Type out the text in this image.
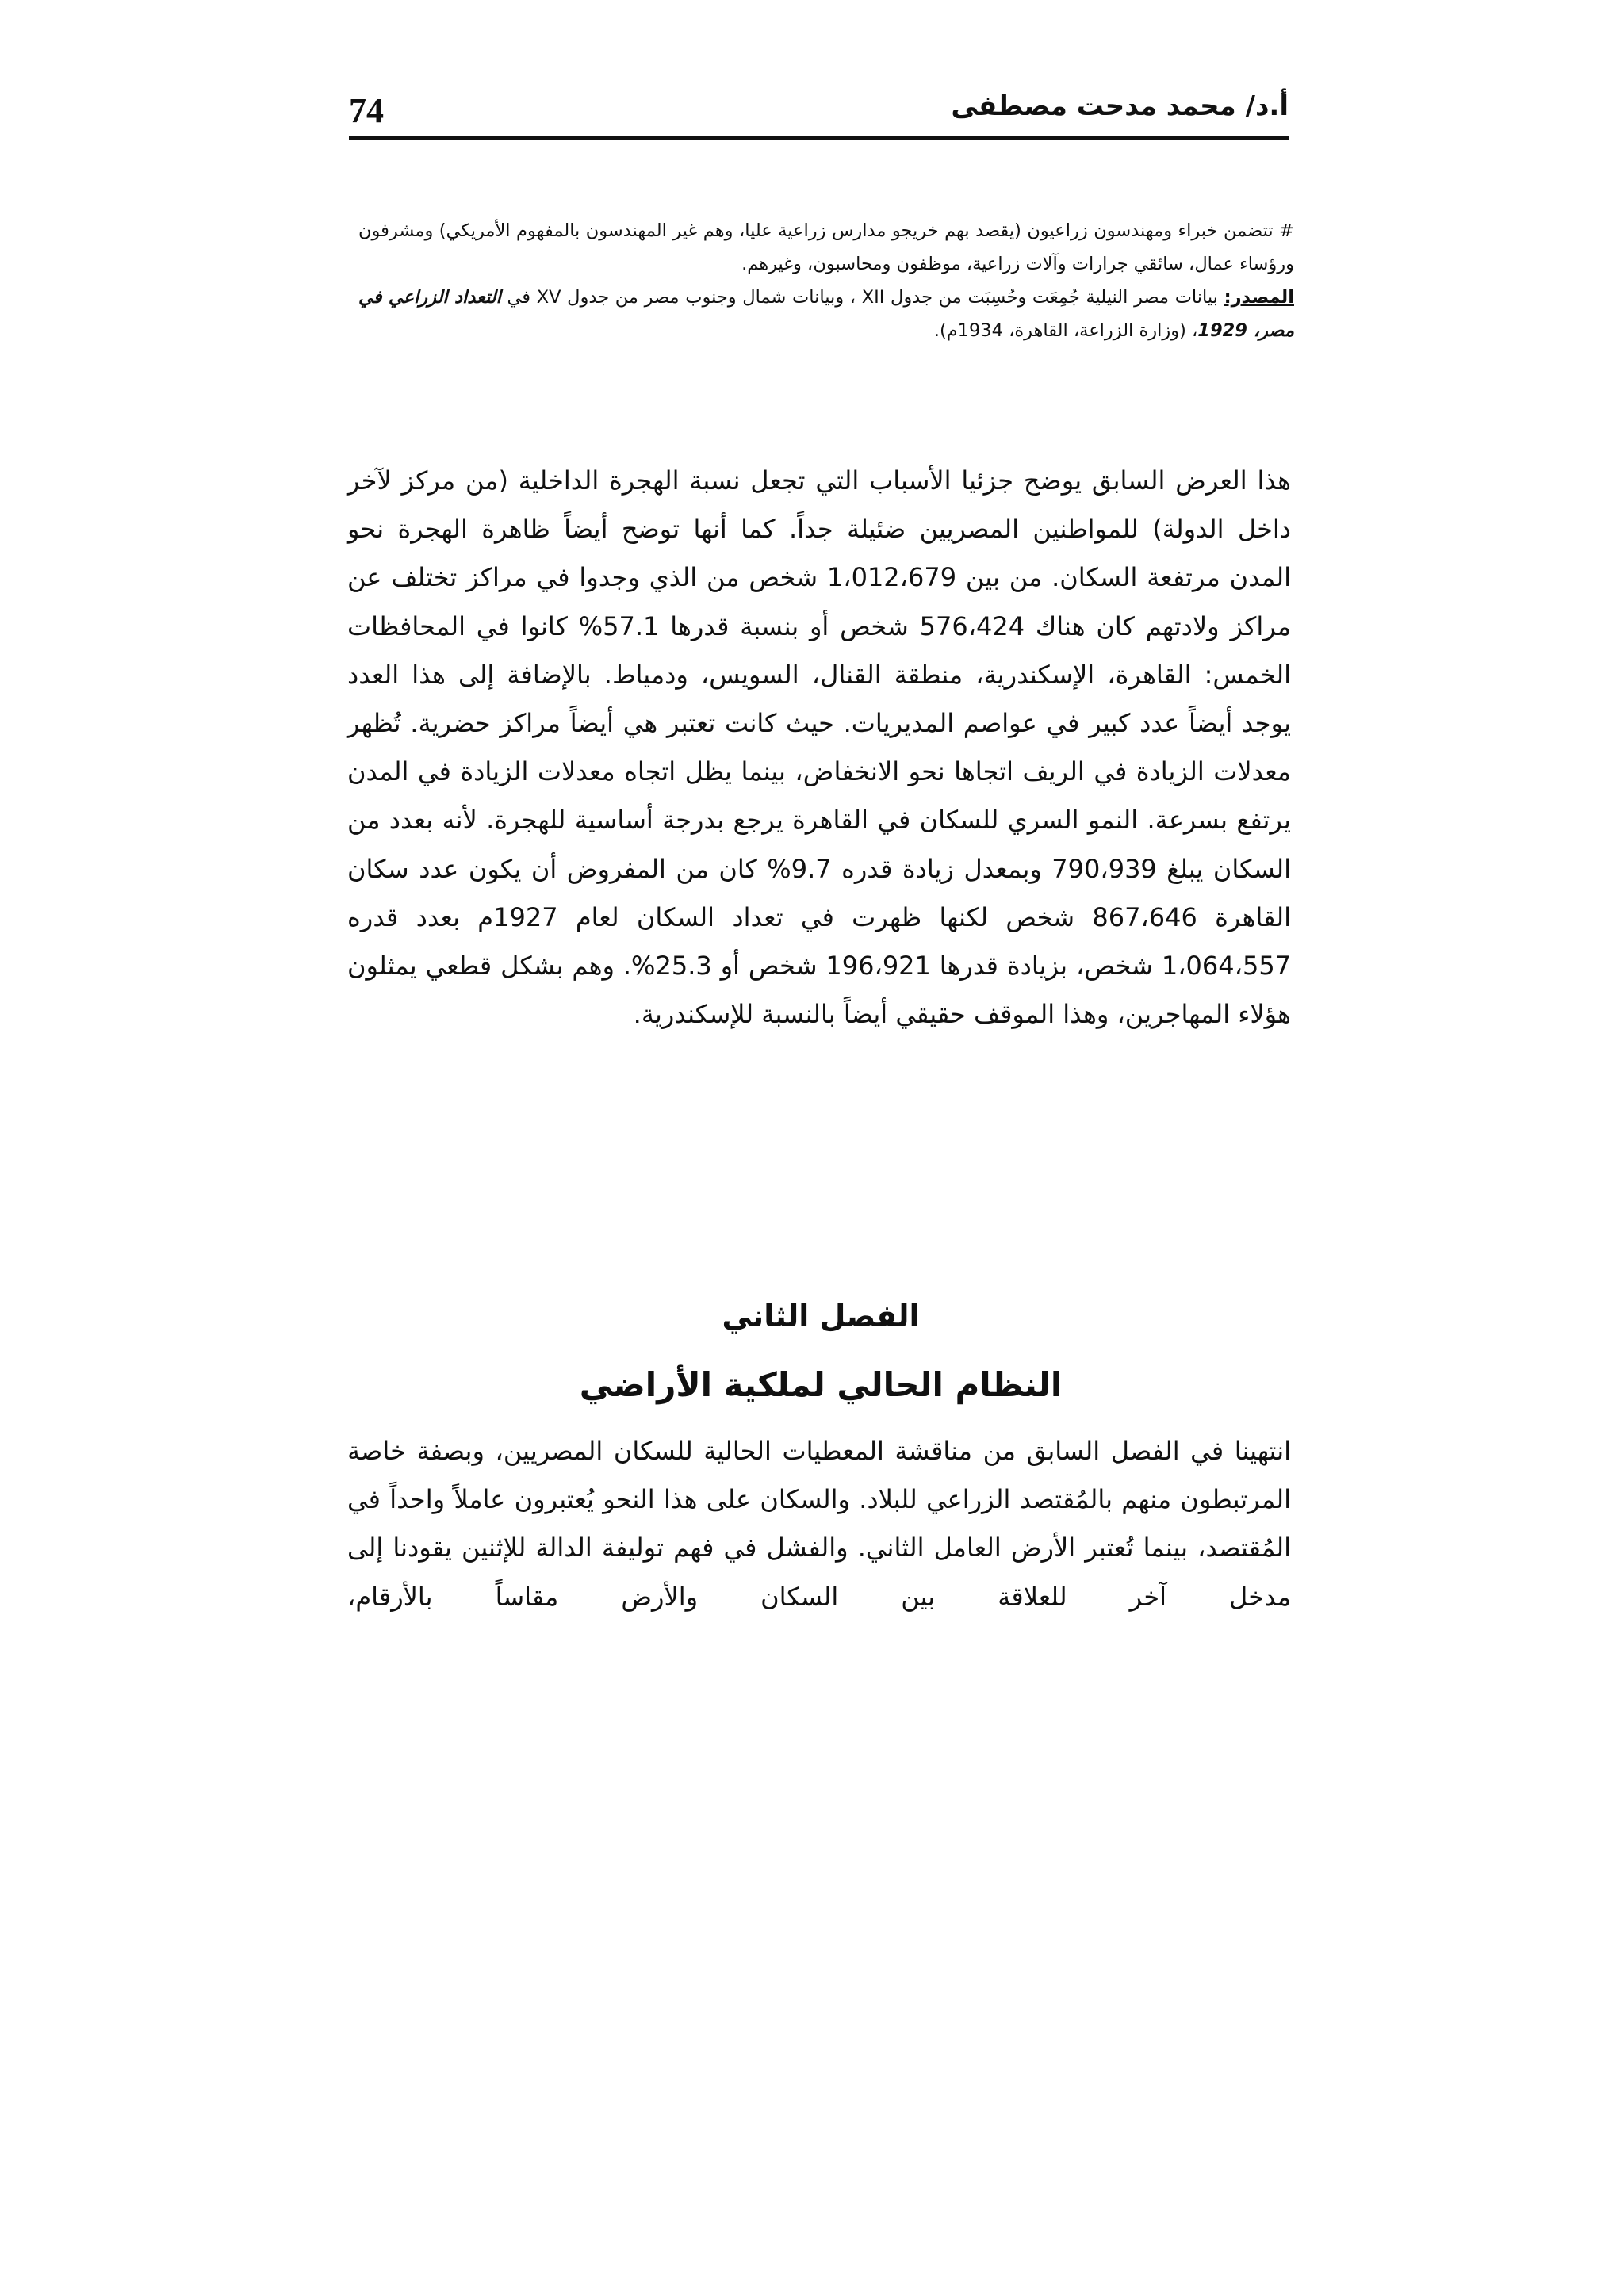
74	أ.د/ محمد مدحت مصطفى

# تتضمن خبراء ومهندسون زراعيون (يقصد بهم خريجو مدارس زراعية عليا، وهم غير المهندسون بالمفهوم الأمريكي) ومشرفون ورؤساء عمال، سائقي جرارات وآلات زراعية، موظفون ومحاسبون، وغيرهم.

المصدر: بيانات مصر النيلية جُمِعَت وحُسِبَت من جدول XII ، وبيانات شمال وجنوب مصر من جدول XV في التعداد الزراعي في مصر، 1929، (وزارة الزراعة، القاهرة، 1934م).

هذا العرض السابق يوضح جزئيا الأسباب التي تجعل نسبة الهجرة الداخلية (من مركز لآخر داخل الدولة) للمواطنين المصريين ضئيلة جداً. كما أنها توضح أيضاً ظاهرة الهجرة نحو المدن مرتفعة السكان. من بين 1،012،679 شخص من الذي وجدوا في مراكز تختلف عن مراكز ولادتهم كان هناك 576،424 شخص أو بنسبة قدرها 57.1% كانوا في المحافظات الخمس: القاهرة، الإسكندرية، منطقة القنال، السويس، ودمياط. بالإضافة إلى هذا العدد يوجد أيضاً عدد كبير في عواصم المديريات. حيث كانت تعتبر هي أيضاً مراكز حضرية. تُظهر معدلات الزيادة في الريف اتجاها نحو الانخفاض، بينما يظل اتجاه معدلات الزيادة في المدن يرتفع بسرعة. النمو السري للسكان في القاهرة يرجع بدرجة أساسية للهجرة. لأنه بعدد من السكان يبلغ 790،939 وبمعدل زيادة قدره 9.7% كان من المفروض أن يكون عدد سكان القاهرة 867،646 شخص لكنها ظهرت في تعداد السكان لعام 1927م بعدد قدره 1،064،557 شخص، بزيادة قدرها 196،921 شخص أو 25.3%. وهم بشكل قطعي يمثلون هؤلاء المهاجرين، وهذا الموقف حقيقي أيضاً بالنسبة للإسكندرية.

الفصل الثاني
النظام الحالي لملكية الأراضي

انتهينا في الفصل السابق من مناقشة المعطيات الحالية للسكان المصريين، وبصفة خاصة المرتبطون منهم بالمُقتصد الزراعي للبلاد. والسكان على هذا النحو يُعتبرون عاملاً واحداً في المُقتصد، بينما تُعتبر الأرض العامل الثاني. والفشل في فهم توليفة الدالة للإثنين يقودنا إلى مدخل آخر للعلاقة بين السكان والأرض مقاساً بالأرقام،
